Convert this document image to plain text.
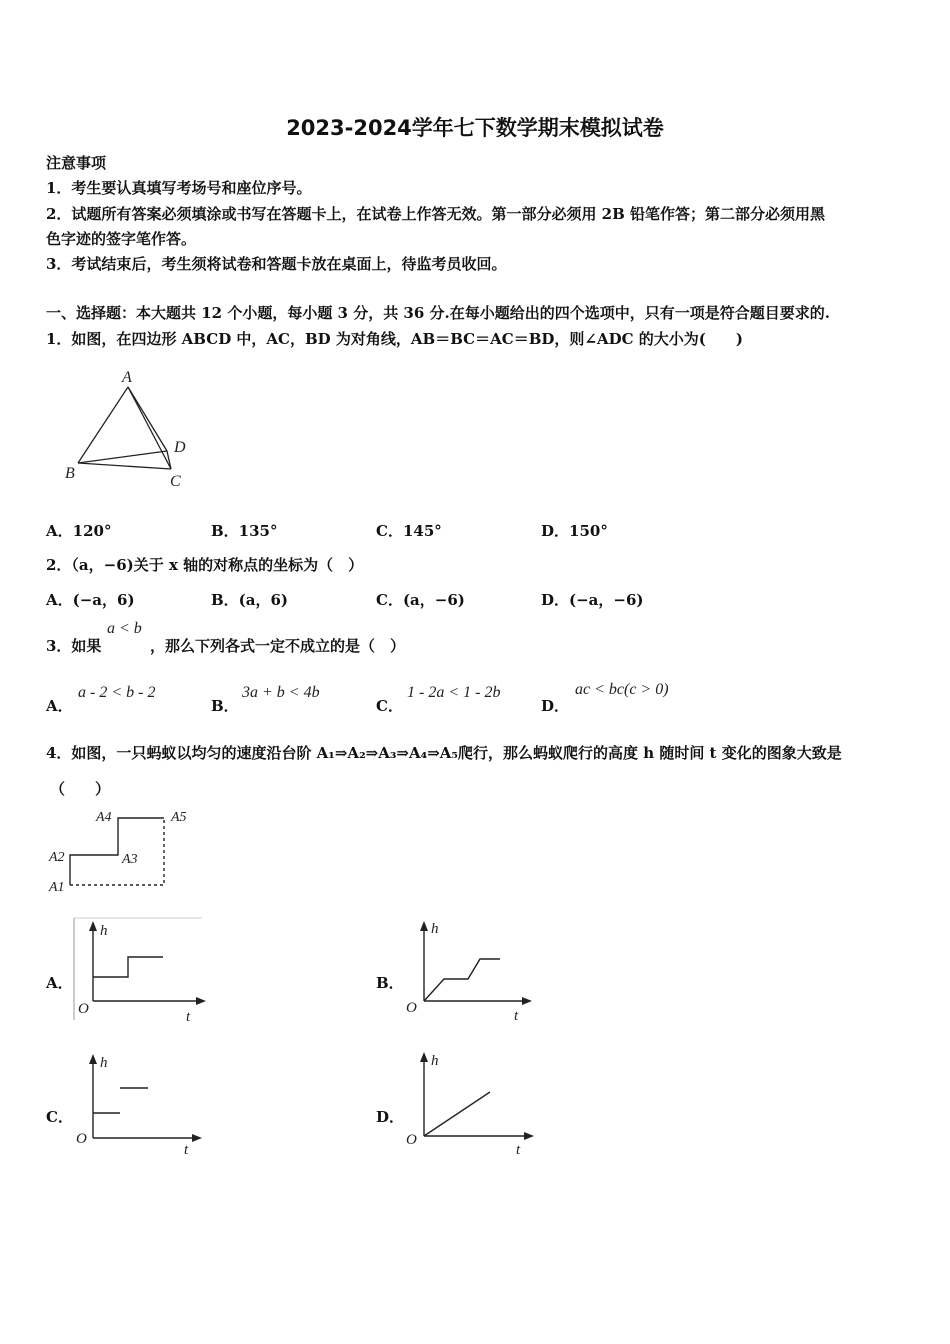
2023-2024学年七下数学期末模拟试卷
注意事项
1．考生要认真填写考场号和座位序号。
2．试题所有答案必须填涂或书写在答题卡上，在试卷上作答无效。第一部分必须用 2B 铅笔作答；第二部分必须用黑
色字迹的签字笔作答。
3．考试结束后，考生须将试卷和答题卡放在桌面上，待监考员收回。
一、选择题：本大题共 12 个小题，每小题 3 分，共 36 分.在每小题给出的四个选项中，只有一项是符合题目要求的.
1．如图，在四边形 ABCD 中，AC，BD 为对角线，AB＝BC＝AC＝BD，则∠ADC 的大小为(　　)
A
B	C
D
A．120°	B．135°	C．145°	D．150°
2．（a，−6)关于 x 轴的对称点的坐标为（　）
A．(−a，6)	B．(a，6)	C．(a，−6)	D．(−a，−6)
3．如果
a < b
，那么下列各式一定不成立的是（　）
A．
a - 2 < b - 2
B．
3a + b < 4b
C．
1 - 2a < 1 - 2b
D．
ac < bc(c > 0)
4．如图，一只蚂蚁以均匀的速度沿台阶 A₁⇒A₂⇒A₃⇒A₄⇒A₅爬行，那么蚂蚁爬行的高度 h 随时间 t 变化的图象大致是
（　　）
A1
A2	A3
A4	A5
A．
h
O	t
B．
h
O	t
C．
h
O
t
D．
h
O
t
